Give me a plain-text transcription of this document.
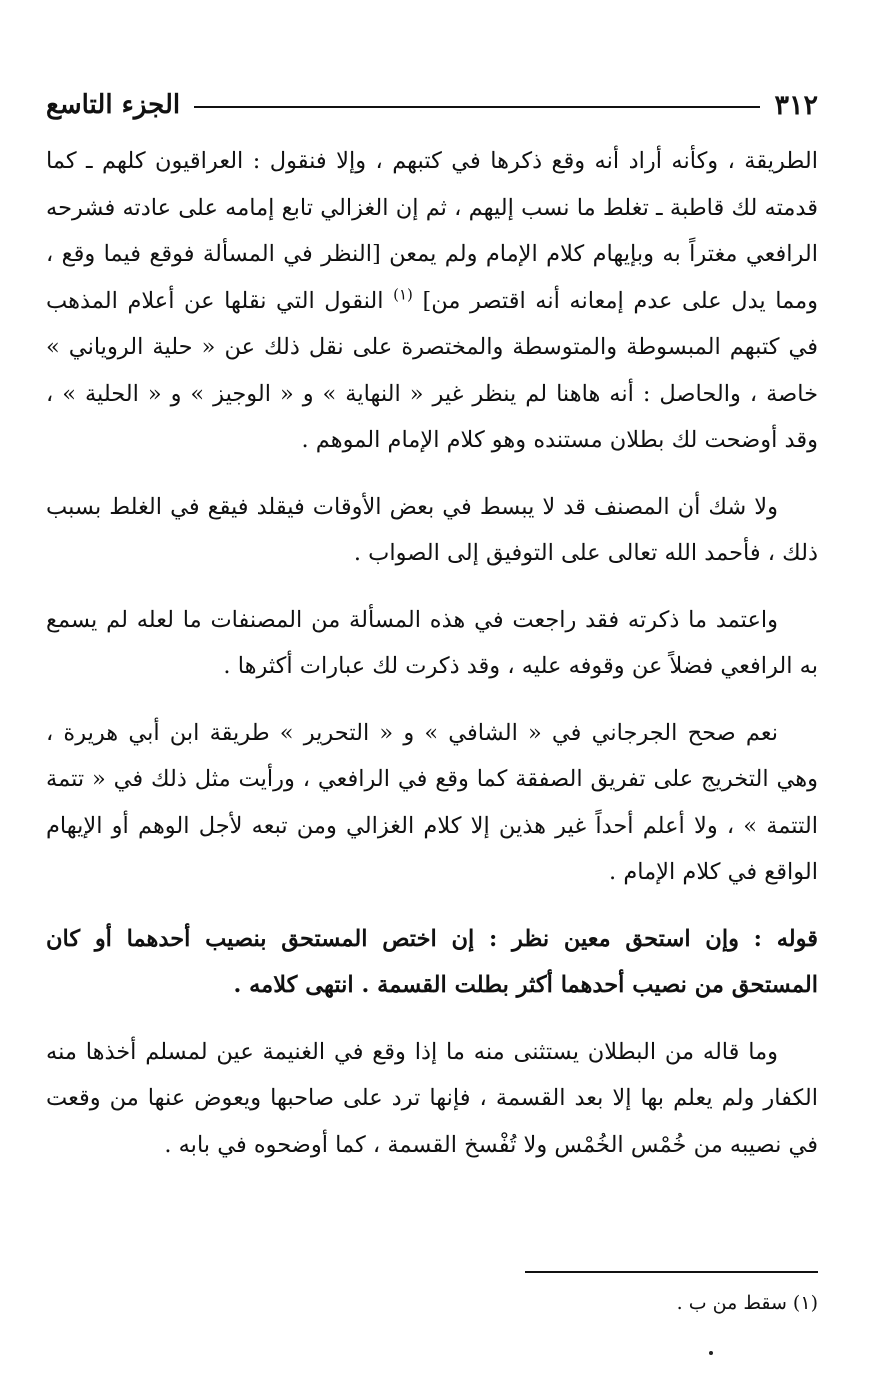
٣١٢
الجزء التاسع

الطريقة ، وكأنه أراد أنه وقع ذكرها في كتبهم ، وإلا فنقول : العراقيون كلهم ـ كما قدمته لك قاطبة ـ تغلط ما نسب إليهم ، ثم إن الغزالي تابع إمامه على عادته فشرحه الرافعي مغتراً به وبإيهام كلام الإمام ولم يمعن [النظر في المسألة فوقع فيما وقع ، ومما يدل على عدم إمعانه أنه اقتصر من] $^{(١)}$ النقول التي نقلها عن أعلام المذهب في كتبهم المبسوطة والمتوسطة والمختصرة على نقل ذلك عن « حلية الروياني » خاصة ، والحاصل : أنه هاهنا لم ينظر غير « النهاية » و « الوجيز » و « الحلية » ، وقد أوضحت لك بطلان مستنده وهو كلام الإمام الموهم .

ولا شك أن المصنف قد لا يبسط في بعض الأوقات فيقلد فيقع في الغلط بسبب ذلك ، فأحمد الله تعالى على التوفيق إلى الصواب .

واعتمد ما ذكرته فقد راجعت في هذه المسألة من المصنفات ما لعله لم يسمع به الرافعي فضلاً عن وقوفه عليه ، وقد ذكرت لك عبارات أكثرها .

نعم صحح الجرجاني في « الشافي » و « التحرير » طريقة ابن أبي هريرة ، وهي التخريج على تفريق الصفقة كما وقع في الرافعي ، ورأيت مثل ذلك في « تتمة التتمة » ، ولا أعلم أحداً غير هذين إلا كلام الغزالي ومن تبعه لأجل الوهم أو الإيهام الواقع في كلام الإمام .

قوله : وإن استحق معين نظر : إن اختص المستحق بنصيب أحدهما أو كان المستحق من نصيب أحدهما أكثر بطلت القسمة . انتهى كلامه .

وما قاله من البطلان يستثنى منه ما إذا وقع في الغنيمة عين لمسلم أخذها منه الكفار ولم يعلم بها إلا بعد القسمة ، فإنها ترد على صاحبها ويعوض عنها من وقعت في نصيبه من خُمْس الخُمْس ولا تُفْسخ القسمة ، كما أوضحوه في بابه .

(١) سقط من ب .
